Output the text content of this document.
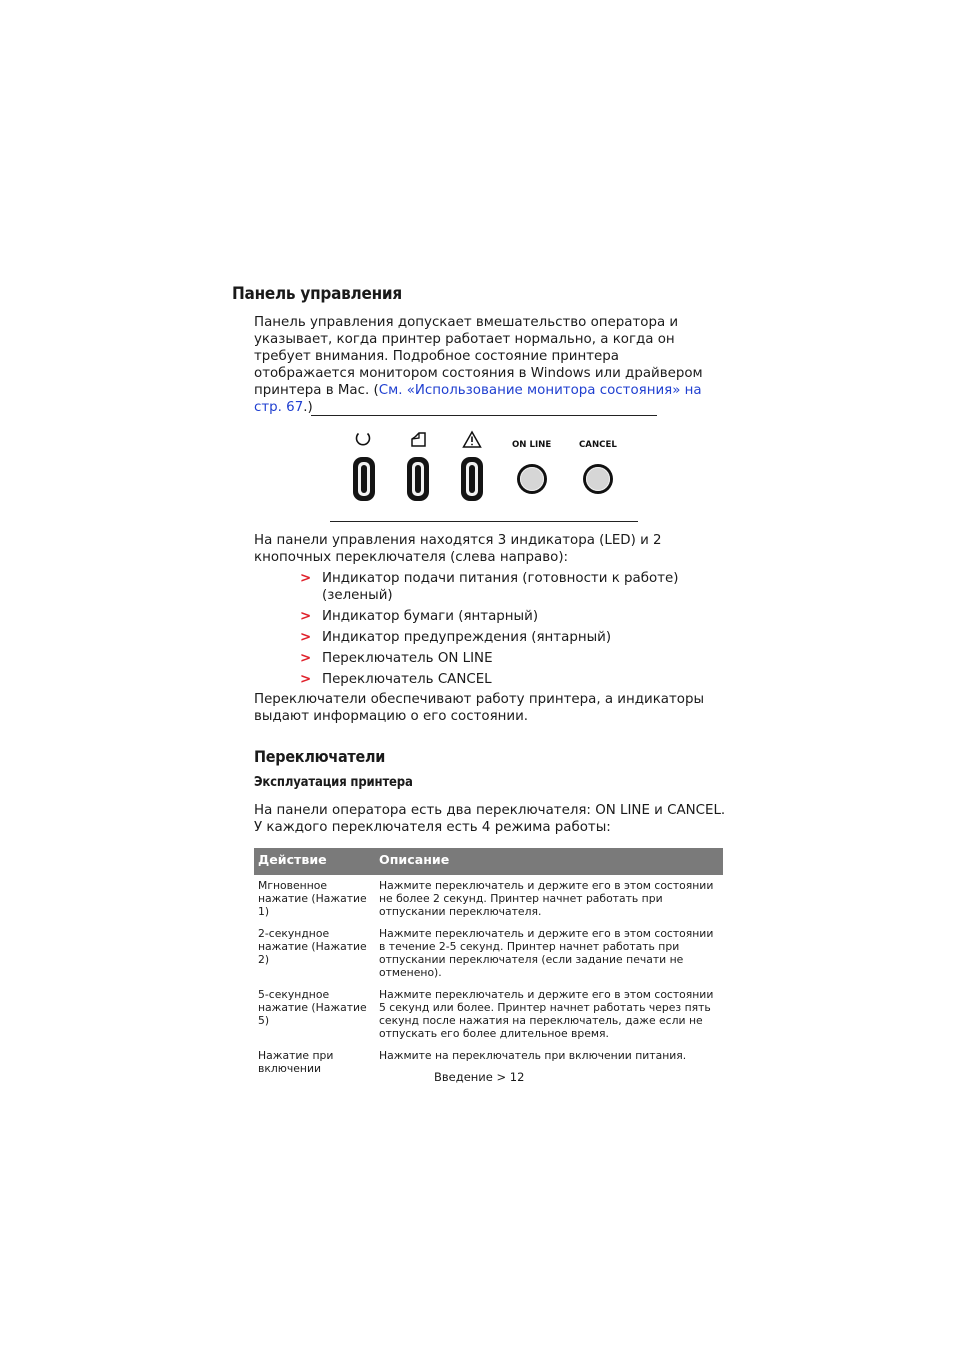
Панель управления
Панель управления допускает вмешательство оператора и указывает, когда принтер работает нормально, а когда он требует внимания. Подробное состояние принтера отображается монитором состояния в Windows или драйвером принтера в Mac. (См. «Использование монитора состояния» на стр. 67.)
ON LINE	CANCEL
На панели управления находятся 3 индикатора (LED) и 2 кнопочных переключателя (слева направо):
> Индикатор подачи питания (готовности к работе) (зеленый)
> Индикатор бумаги (янтарный)
> Индикатор предупреждения (янтарный)
> Переключатель ON LINE
> Переключатель CANCEL
Переключатели обеспечивают работу принтера, а индикаторы выдают информацию о его состоянии.
Переключатели
Эксплуатация принтера
На панели оператора есть два переключателя: ON LINE и CANCEL. У каждого переключателя есть 4 режима работы:
Действие	Описание

Мгновенное нажатие (Нажатие 1)	Нажмите переключатель и держите его в этом состоянии не более 2 секунд. Принтер начнет работать при отпускании переключателя.
2-секундное нажатие (Нажатие 2)	Нажмите переключатель и держите его в этом состоянии в течение 2-5 секунд. Принтер начнет работать при отпускании переключателя (если задание печати не отменено).
5-секундное нажатие (Нажатие 5)	Нажмите переключатель и держите его в этом состоянии 5 секунд или более. Принтер начнет работать через пять секунд после нажатия на переключатель, даже если не отпускать его более длительное время.
Нажатие при включении	Нажмите на переключатель при включении питания.
Введение > 12
